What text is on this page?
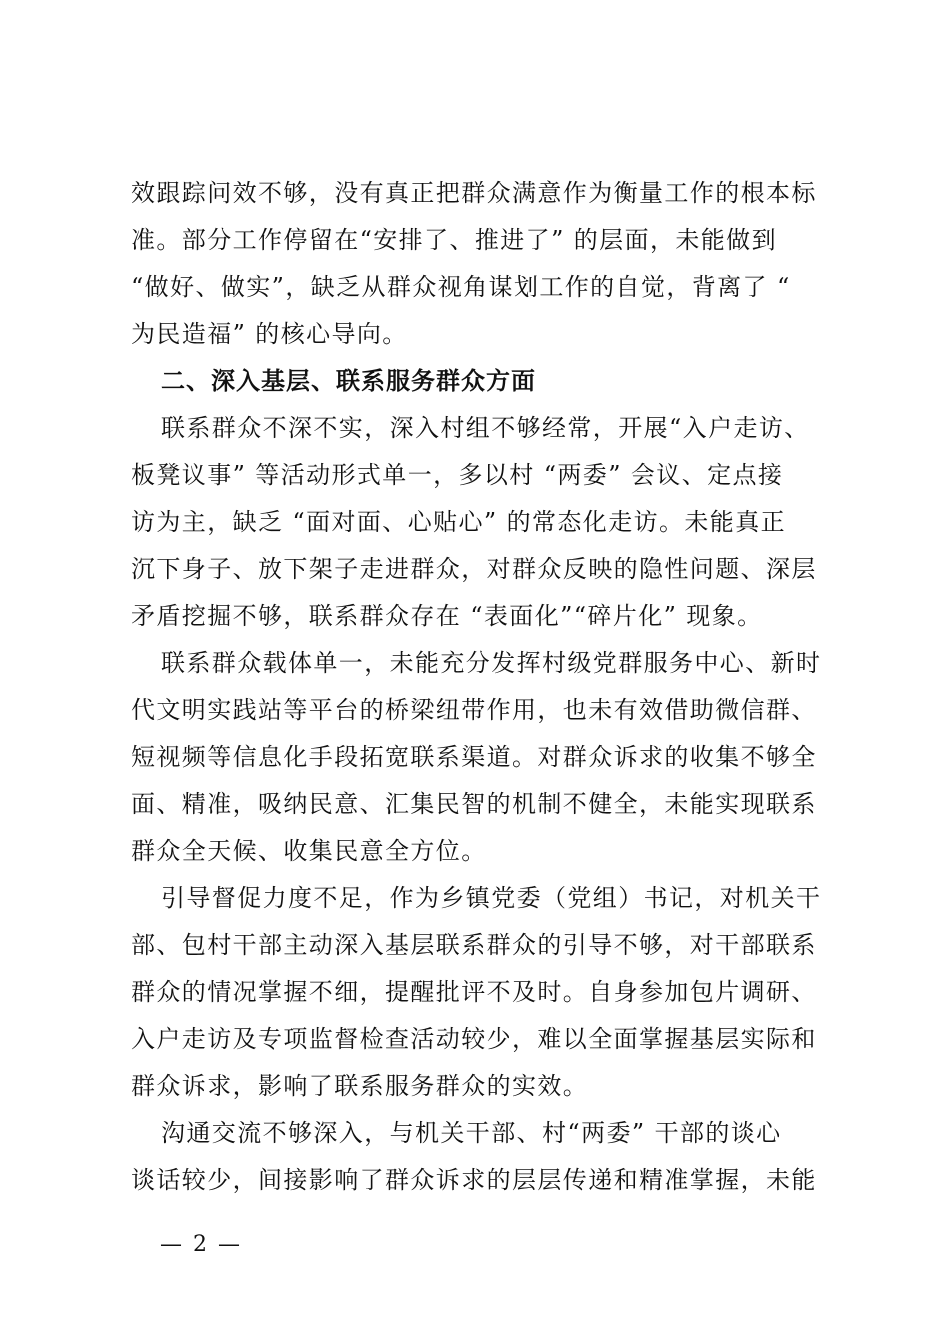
效跟踪问效不够，没有真正把群众满意作为衡量工作的根本标
准。部分工作停留在“安排了、推进了” 的层面，未能做到
“做好、做实”，缺乏从群众视角谋划工作的自觉，背离了 “
为民造福” 的核心导向。
二、深入基层、联系服务群众方面
联系群众不深不实，深入村组不够经常，开展“入户走访、
板凳议事” 等活动形式单一，多以村 “两委” 会议、定点接
访为主，缺乏 “面对面、心贴心” 的常态化走访。未能真正
沉下身子、放下架子走进群众，对群众反映的隐性问题、深层
矛盾挖掘不够，联系群众存在 “表面化”“碎片化” 现象。
联系群众载体单一，未能充分发挥村级党群服务中心、新时
代文明实践站等平台的桥梁纽带作用，也未有效借助微信群、
短视频等信息化手段拓宽联系渠道。对群众诉求的收集不够全
面、精准，吸纳民意、汇集民智的机制不健全，未能实现联系
群众全天候、收集民意全方位。
引导督促力度不足，作为乡镇党委（党组）书记，对机关干
部、包村干部主动深入基层联系群众的引导不够，对干部联系
群众的情况掌握不细，提醒批评不及时。自身参加包片调研、
入户走访及专项监督检查活动较少，难以全面掌握基层实际和
群众诉求，影响了联系服务群众的实效。
沟通交流不够深入，与机关干部、村“两委” 干部的谈心
谈话较少，间接影响了群众诉求的层层传递和精准掌握，未能
— 2 —
